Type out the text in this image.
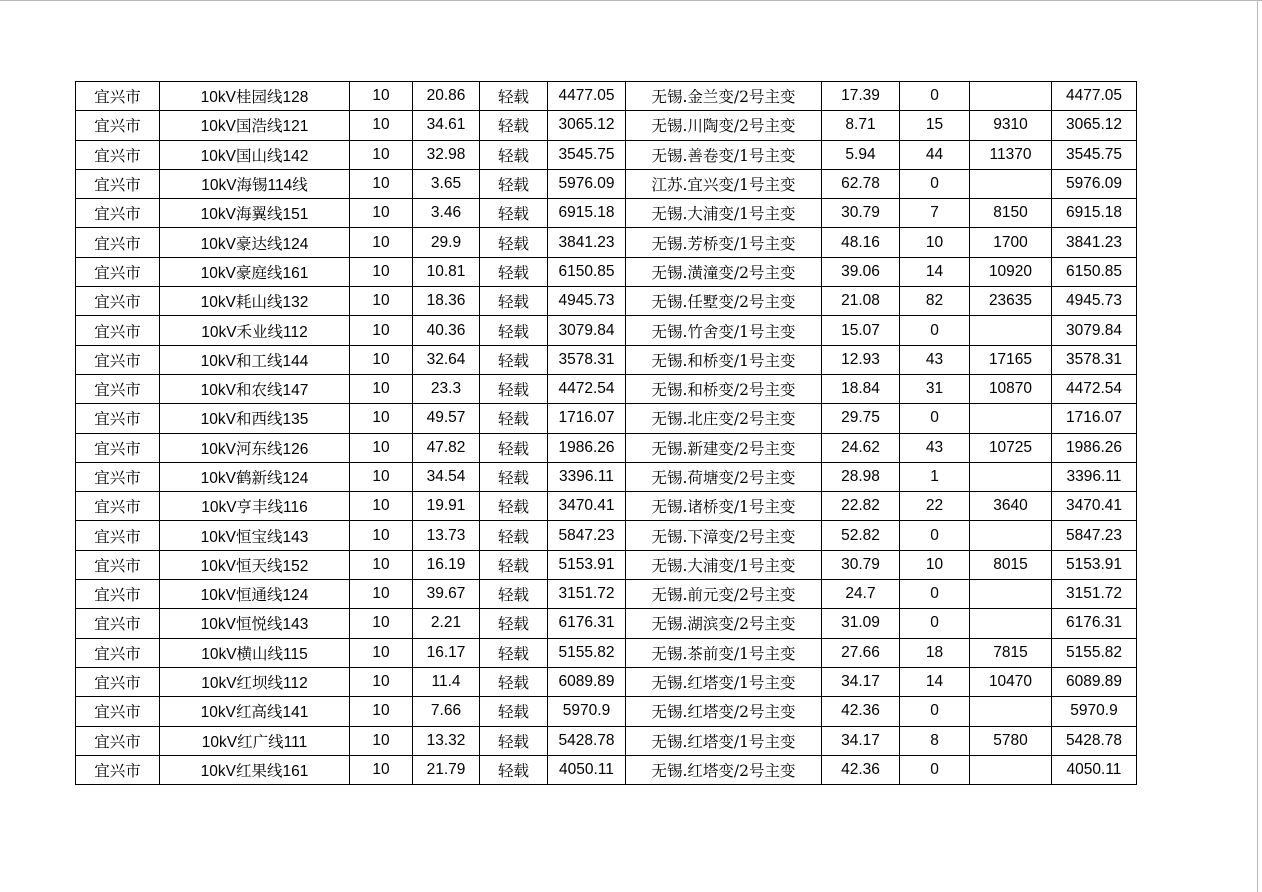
宜兴市	10kV桂园线128	10	20.86	轻载	4477.05	无锡.金兰变/2号主变	17.39	0		4477.05
宜兴市	10kV国浩线121	10	34.61	轻载	3065.12	无锡.川陶变/2号主变	8.71	15	9310	3065.12
宜兴市	10kV国山线142	10	32.98	轻载	3545.75	无锡.善卷变/1号主变	5.94	44	11370	3545.75
宜兴市	10kV海锡114线	10	3.65	轻载	5976.09	江苏.宜兴变/1号主变	62.78	0		5976.09
宜兴市	10kV海翼线151	10	3.46	轻载	6915.18	无锡.大浦变/1号主变	30.79	7	8150	6915.18
宜兴市	10kV豪达线124	10	29.9	轻载	3841.23	无锡.芳桥变/1号主变	48.16	10	1700	3841.23
宜兴市	10kV豪庭线161	10	10.81	轻载	6150.85	无锡.潢潼变/2号主变	39.06	14	10920	6150.85
宜兴市	10kV耗山线132	10	18.36	轻载	4945.73	无锡.任墅变/2号主变	21.08	82	23635	4945.73
宜兴市	10kV禾业线112	10	40.36	轻载	3079.84	无锡.竹舍变/1号主变	15.07	0		3079.84
宜兴市	10kV和工线144	10	32.64	轻载	3578.31	无锡.和桥变/1号主变	12.93	43	17165	3578.31
宜兴市	10kV和农线147	10	23.3	轻载	4472.54	无锡.和桥变/2号主变	18.84	31	10870	4472.54
宜兴市	10kV和西线135	10	49.57	轻载	1716.07	无锡.北庄变/2号主变	29.75	0		1716.07
宜兴市	10kV河东线126	10	47.82	轻载	1986.26	无锡.新建变/2号主变	24.62	43	10725	1986.26
宜兴市	10kV鹤新线124	10	34.54	轻载	3396.11	无锡.荷塘变/2号主变	28.98	1		3396.11
宜兴市	10kV亨丰线116	10	19.91	轻载	3470.41	无锡.诸桥变/1号主变	22.82	22	3640	3470.41
宜兴市	10kV恒宝线143	10	13.73	轻载	5847.23	无锡.下漳变/2号主变	52.82	0		5847.23
宜兴市	10kV恒天线152	10	16.19	轻载	5153.91	无锡.大浦变/1号主变	30.79	10	8015	5153.91
宜兴市	10kV恒通线124	10	39.67	轻载	3151.72	无锡.前元变/2号主变	24.7	0		3151.72
宜兴市	10kV恒悦线143	10	2.21	轻载	6176.31	无锡.湖滨变/2号主变	31.09	0		6176.31
宜兴市	10kV横山线115	10	16.17	轻载	5155.82	无锡.茶前变/1号主变	27.66	18	7815	5155.82
宜兴市	10kV红坝线112	10	11.4	轻载	6089.89	无锡.红塔变/1号主变	34.17	14	10470	6089.89
宜兴市	10kV红高线141	10	7.66	轻载	5970.9	无锡.红塔变/2号主变	42.36	0		5970.9
宜兴市	10kV红广线111	10	13.32	轻载	5428.78	无锡.红塔变/1号主变	34.17	8	5780	5428.78
宜兴市	10kV红果线161	10	21.79	轻载	4050.11	无锡.红塔变/2号主变	42.36	0		4050.11
